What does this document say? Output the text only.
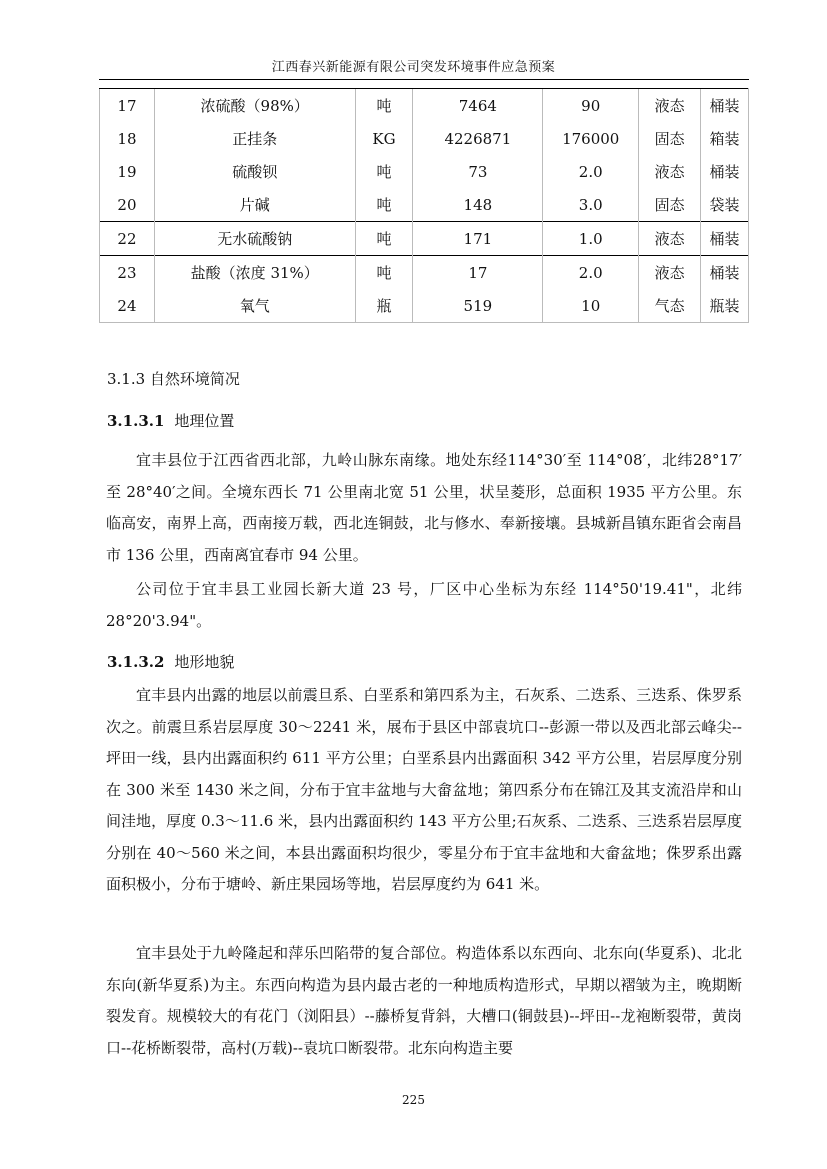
江西春兴新能源有限公司突发环境事件应急预案
17	浓硫酸（98%）	吨	7464	90	液态	桶装
18	正挂条	KG	4226871	176000	固态	箱装
19	硫酸钡	吨	73	2.0	液态	桶装
20	片碱	吨	148	3.0	固态	袋装
22	无水硫酸钠	吨	171	1.0	液态	桶装
23	盐酸（浓度 31%）	吨	17	2.0	液态	桶装
24	氧气	瓶	519	10	气态	瓶装
3.1.3 自然环境简况
3.1.3.1 地理位置

宜丰县位于江西省西北部，九岭山脉东南缘。地处东经114°30′至 114°08′，北纬28°17′至 28°40′之间。全境东西长 71 公里南北宽 51 公里，状呈菱形，总面积 1935 平方公里。东临高安，南界上高，西南接万载，西北连铜鼓，北与修水、奉新接壤。县城新昌镇东距省会南昌市 136 公里，西南离宜春市 94 公里。

公司位于宜丰县工业园长新大道 23 号，厂区中心坐标为东经 114°50'19.41"，北纬 28°20'3.94"。

3.1.3.2 地形地貌

宜丰县内出露的地层以前震旦系、白垩系和第四系为主，石灰系、二迭系、三迭系、侏罗系次之。前震旦系岩层厚度 30～2241 米，展布于县区中部袁坑口--彭源一带以及西北部云峰尖--坪田一线，县内出露面积约 611 平方公里；白垩系县内出露面积 342 平方公里，岩层厚度分别在 300 米至 1430 米之间，分布于宜丰盆地与大畲盆地；第四系分布在锦江及其支流沿岸和山间洼地，厚度 0.3～11.6 米，县内出露面积约 143 平方公里;石灰系、二迭系、三迭系岩层厚度分别在 40～560 米之间，本县出露面积均很少，零星分布于宜丰盆地和大畲盆地；侏罗系出露面积极小，分布于塘岭、新庄果园场等地，岩层厚度约为 641 米。

宜丰县处于九岭隆起和萍乐凹陷带的复合部位。构造体系以东西向、北东向(华夏系)、北北东向(新华夏系)为主。东西向构造为县内最古老的一种地质构造形式，早期以褶皱为主，晚期断裂发育。规模较大的有花门（浏阳县）--藤桥复背斜，大槽口(铜鼓县)--坪田--龙袍断裂带，黄岗口--花桥断裂带，高村(万载)--袁坑口断裂带。北东向构造主要

225
